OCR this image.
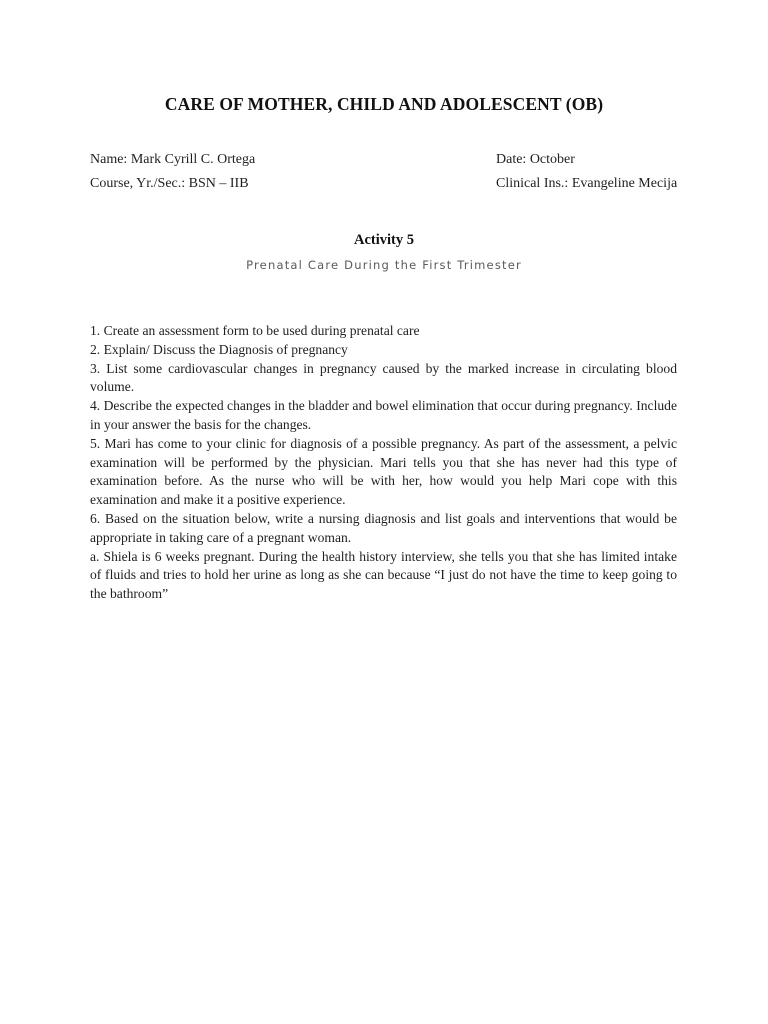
CARE OF MOTHER, CHILD AND ADOLESCENT (OB)
Name: Mark Cyrill C. Ortega	Date: October
Course, Yr./Sec.: BSN – IIB	Clinical Ins.: Evangeline Mecija
Activity 5
Prenatal Care During the First Trimester

1. Create an assessment form to be used during prenatal care

2. Explain/ Discuss the Diagnosis of pregnancy

3. List some cardiovascular changes in pregnancy caused by the marked increase in circulating blood volume.

4. Describe the expected changes in the bladder and bowel elimination that occur during pregnancy. Include in your answer the basis for the changes.

5. Mari has come to your clinic for diagnosis of a possible pregnancy. As part of the assessment, a pelvic examination will be performed by the physician. Mari tells you that she has never had this type of examination before. As the nurse who will be with her, how would you help Mari cope with this examination and make it a positive experience.

6. Based on the situation below, write a nursing diagnosis and list goals and interventions that would be appropriate in taking care of a pregnant woman.

a. Shiela is 6 weeks pregnant. During the health history interview, she tells you that she has limited intake of fluids and tries to hold her urine as long as she can because “I just do not have the time to keep going to the bathroom”
